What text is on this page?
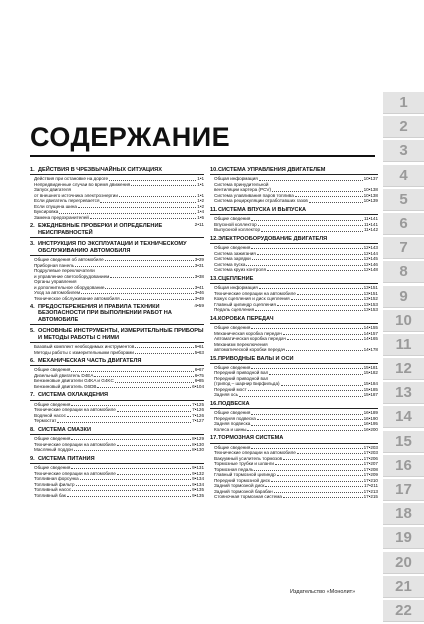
СОДЕРЖАНИЕ
1. ДЕЙСТВИЯ В ЧРЕЗВЫЧАЙНЫХ СИТУАЦИЯХ
Действия при остановке на дороге	1•1
Непредвиденные случаи во время движения	1•1
Запуск двигателя
от внешнего источника электроэнергии	1•1
Если двигатель перегревается	1•2
Если спущена шина	1•2
Буксировка	1•4
Замена предохранителей	1•5
2. ЕЖЕДНЕВНЫЕ ПРОВЕРКИ И ОПРЕДЕЛЕНИЕ НЕИСПРАВНОСТЕЙ
2•11
3. ИНСТРУКЦИЯ ПО ЭКСПЛУАТАЦИИ И ТЕХНИЧЕСКОМУ ОБСЛУЖИВАНИЮ АВТОМОБИЛЯ
Общие сведения об автомобиле	3•29
Приборная панель	3•31
Подрулевые переключатели
и управление светооборудованием	3•38
Органы управления
и дополнительное оборудование	3•41
Уход за автомобилем	3•46
Техническое обслуживание автомобиля	3•49
4. ПРЕДОСТЕРЕЖЕНИЯ И ПРАВИЛА ТЕХНИКИ БЕЗОПАСНОСТИ ПРИ ВЫПОЛНЕНИИ РАБОТ НА АВТОМОБИЛЕ
4•59
5. ОСНОВНЫЕ ИНСТРУМЕНТЫ, ИЗМЕРИТЕЛЬНЫЕ ПРИБОРЫ И МЕТОДЫ РАБОТЫ С НИМИ
Базовый комплект необходимых инструментов	5•61
Методы работы с измерительными приборами	5•63
6. МЕХАНИЧЕСКАЯ ЧАСТЬ ДВИГАТЕЛЯ
Общие сведения	6•67
Дизельный двигатель D4EA	6•75
Бензиновые двигатели G4KA и G4KC	6•85
Бензиновый двигатель G6DB	6•104
7. СИСТЕМА ОХЛАЖДЕНИЯ
Общие сведения	7•125
Технические операции на автомобиле	7•126
Водяной насос	7•126
Термостат	7•127
8. СИСТЕМА СМАЗКИ
Общие сведения	8•129
Технические операции на автомобиле	8•130
Масляный поддон	8•130
9. СИСТЕМА ПИТАНИЯ
Общие сведения	9•131
Технические операции на автомобиле	9•132
Топливная форсунка	9•134
Топливный фильтр	9•134
Топливный насос	9•135
Топливный бак	9•135
10. СИСТЕМА УПРАВЛЕНИЯ ДВИГАТЕЛЕМ
Общая информация	10•137
Система принудительной
вентиляции картера (PCV)	10•138
Система улавливания паров топлива	10•138
Система рециркуляции отработавших газов	10•139
11. СИСТЕМА ВПУСКА И ВЫПУСКА
Общие сведения	11•141
Впускной коллектор	11•141
Выпускной коллектор	11•142
12. ЭЛЕКТРООБОРУДОВАНИЕ ДВИГАТЕЛЯ
Общие сведения	12•143
Система зажигания	12•144
Система зарядки	12•145
Система пуска	12•146
Система круиз контроля	12•148
13. СЦЕПЛЕНИЕ
Общая информация	13•151
Технические операции на автомобиле	13•151
Кожух сцепления и диск сцепления	13•152
Главный цилиндр сцепления	13•153
Педаль сцепления	13•153
14. КОРОБКА ПЕРЕДАЧ
Общие сведения	14•155
Механическая коробка передач	14•157
Автоматическая коробка передач	14•165
Механизм переключения
автоматической коробки передач	14•178
15. ПРИВОДНЫЕ ВАЛЫ И ОСИ
Общие сведения	15•181
Передний приводной вал	15•182
Передний приводной вал
(трипод – шарнир Бирфильда)	15•184
Передний мост	15•185
Задняя ось	15•187
16. ПОДВЕСКА
Общие сведения	16•189
Передняя подвеска	16•190
Задняя подвеска	16•195
Колеса и шины	16•200
17. ТОРМОЗНАЯ СИСТЕМА
Общие сведения	17•203
Технические операции на автомобиле	17•203
Вакуумный усилитель тормозов	17•206
Тормозные трубки и шланги	17•207
Тормозная педаль	17•208
Главный тормозной цилиндр	17•209
Передний тормозной диск	17•210
Задний тормозной диск	17•211
Задний тормозной барабан	17•213
Стояночная тормозная система	17•215
1
2
3
4
5
6
7
8
9
10
11
12
13
14
15
16
17
18
19
20
21
22
Издательство «Монолит»
